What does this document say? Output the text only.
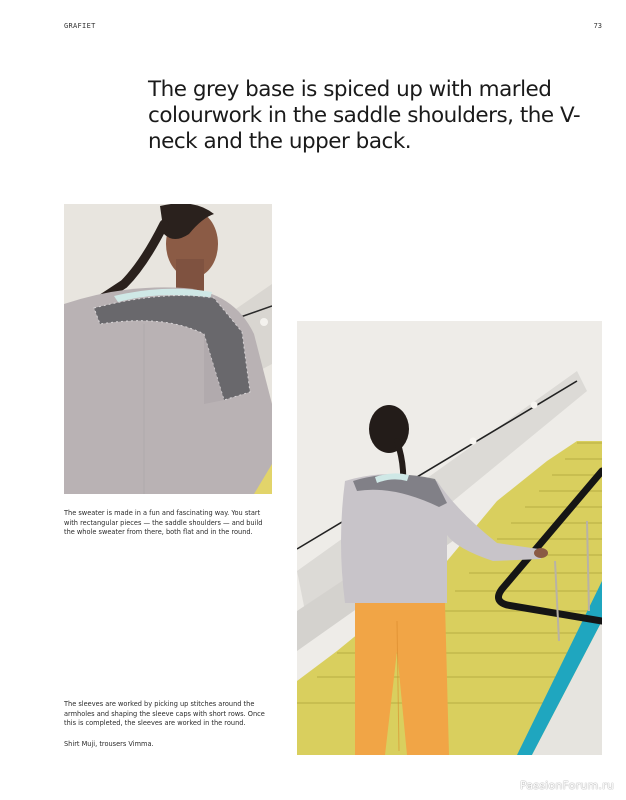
GRAFIET	73
The grey base is spiced up with marled colourwork in the saddle shoulders, the V-neck and the upper back.

The sweater is made in a fun and fascinating way. You start with rectangular pieces — the saddle shoulders — and build the whole sweater from there, both flat and in the round.

The sleeves are worked by picking up stitches around the armholes and shaping the sleeve caps with short rows. Once this is completed, the sleeves are worked in the round.

Shirt Muji, trousers Vimma.

PassionForum.ru
